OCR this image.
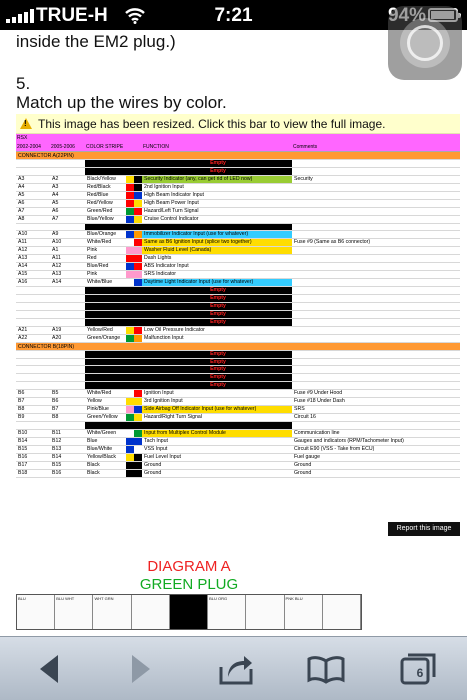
TRUE-H	7:21
inside the EM2 plug.)
5.
Match up the wires by color.
! This image has been resized. Click this bar to view the full image.
RSX
2002-2004	2005-2006	COLOR STRIPE	FUNCTION	Comments
CONNECTOR A(22PIN)
Empty
Empty
A3	A2	Black/Yellow	Security Indicator (any, can get rid of LED now)	Security
A4	A3	Red/Black	2nd Ignition Input
A5	A4	Red/Blue	High Beam Indicator Input
A6	A5	Red/Yellow	High Beam Power Input
A7	A6	Green/Red	Hazard/Left Turn Signal
A8	A7	Blue/Yellow	Cruise Control Indicator
A10	A9	Blue/Orange	Immobilizer Indicator Input (use for whatever)
A11	A10	White/Red	Same as B6 Ignition Input (splice two together)	Fuse #9 (Same as B6 connector)
A12	A1	Pink	Washer Fluid Level (Canada)
A13	A11	Red	Dash Lights
A14	A12	Blue/Red	ABS Indicator Input
A15	A13	Pink	SRS Indicator
A16	A14	White/Blue	Daytime Light Indicator Input (use for whatever)
Empty
Empty
Empty
Empty
Empty
A21	A19	Yellow/Red	Low Oil Pressure Indicator
A22	A20	Green/Orange	Malfunction Input
CONNECTOR B(18PIN)
Empty
Empty
Empty
Empty
Empty
B6	B5	White/Red	Ignition Input	Fuse #9 Under Hood
B7	B6	Yellow	3rd Ignition Input	Fuse #18 Under Dash
B8	B7	Pink/Blue	Side Airbag Off Indicator Input (use for whatever)	SRS
B9	B8	Green/Yellow	Hazard/Right Turn Signal	Circuit 16
B10	B11	White/Green	Input from Multiplex Control Module	Communication line
B14	B12	Blue	Tach Input	Gauges and indicators (RPM/Tachometer Input)
B15	B13	Blue/White	VSS Input	Circuit E90 (VSS - Take from ECU)
B16	B14	Yellow/Black	Fuel Level Input	Fuel gauge
B17	B15	Black	Ground	Ground
B18	B16	Black	Ground	Ground
Report this image
DIAGRAM A
GREEN PLUG
BLU	BLU WHT	WHT GRN	BLU ORG	PNK BLU
6
